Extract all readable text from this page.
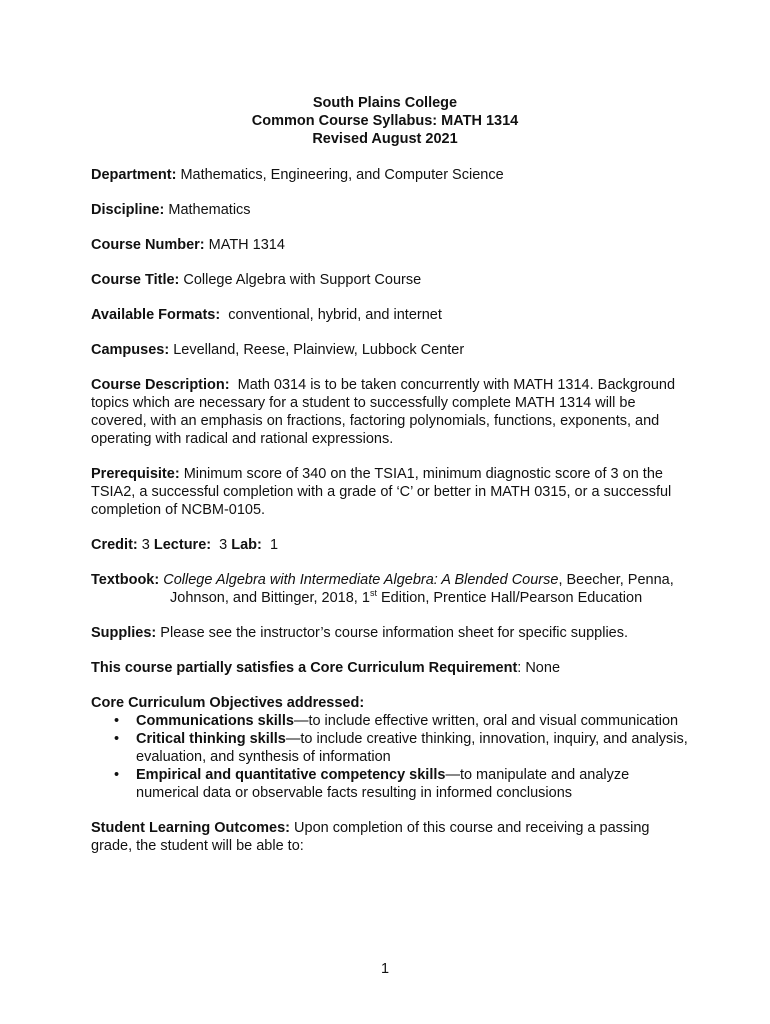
South Plains College
Common Course Syllabus: MATH 1314
Revised August 2021
Department: Mathematics, Engineering, and Computer Science
Discipline: Mathematics
Course Number: MATH 1314
Course Title: College Algebra with Support Course
Available Formats: conventional, hybrid, and internet
Campuses: Levelland, Reese, Plainview, Lubbock Center
Course Description: Math 0314 is to be taken concurrently with MATH 1314. Background topics which are necessary for a student to successfully complete MATH 1314 will be covered, with an emphasis on fractions, factoring polynomials, functions, exponents, and operating with radical and rational expressions.
Prerequisite: Minimum score of 340 on the TSIA1, minimum diagnostic score of 3 on the TSIA2, a successful completion with a grade of ‘C’ or better in MATH 0315, or a successful completion of NCBM-0105.
Credit: 3 Lecture: 3 Lab: 1
Textbook: College Algebra with Intermediate Algebra: A Blended Course, Beecher, Penna, Johnson, and Bittinger, 2018, 1st Edition, Prentice Hall/Pearson Education
Supplies: Please see the instructor’s course information sheet for specific supplies.
This course partially satisfies a Core Curriculum Requirement: None
Core Curriculum Objectives addressed:
• Communications skills—to include effective written, oral and visual communication
• Critical thinking skills—to include creative thinking, innovation, inquiry, and analysis, evaluation, and synthesis of information
• Empirical and quantitative competency skills—to manipulate and analyze numerical data or observable facts resulting in informed conclusions
Student Learning Outcomes: Upon completion of this course and receiving a passing grade, the student will be able to:
1
